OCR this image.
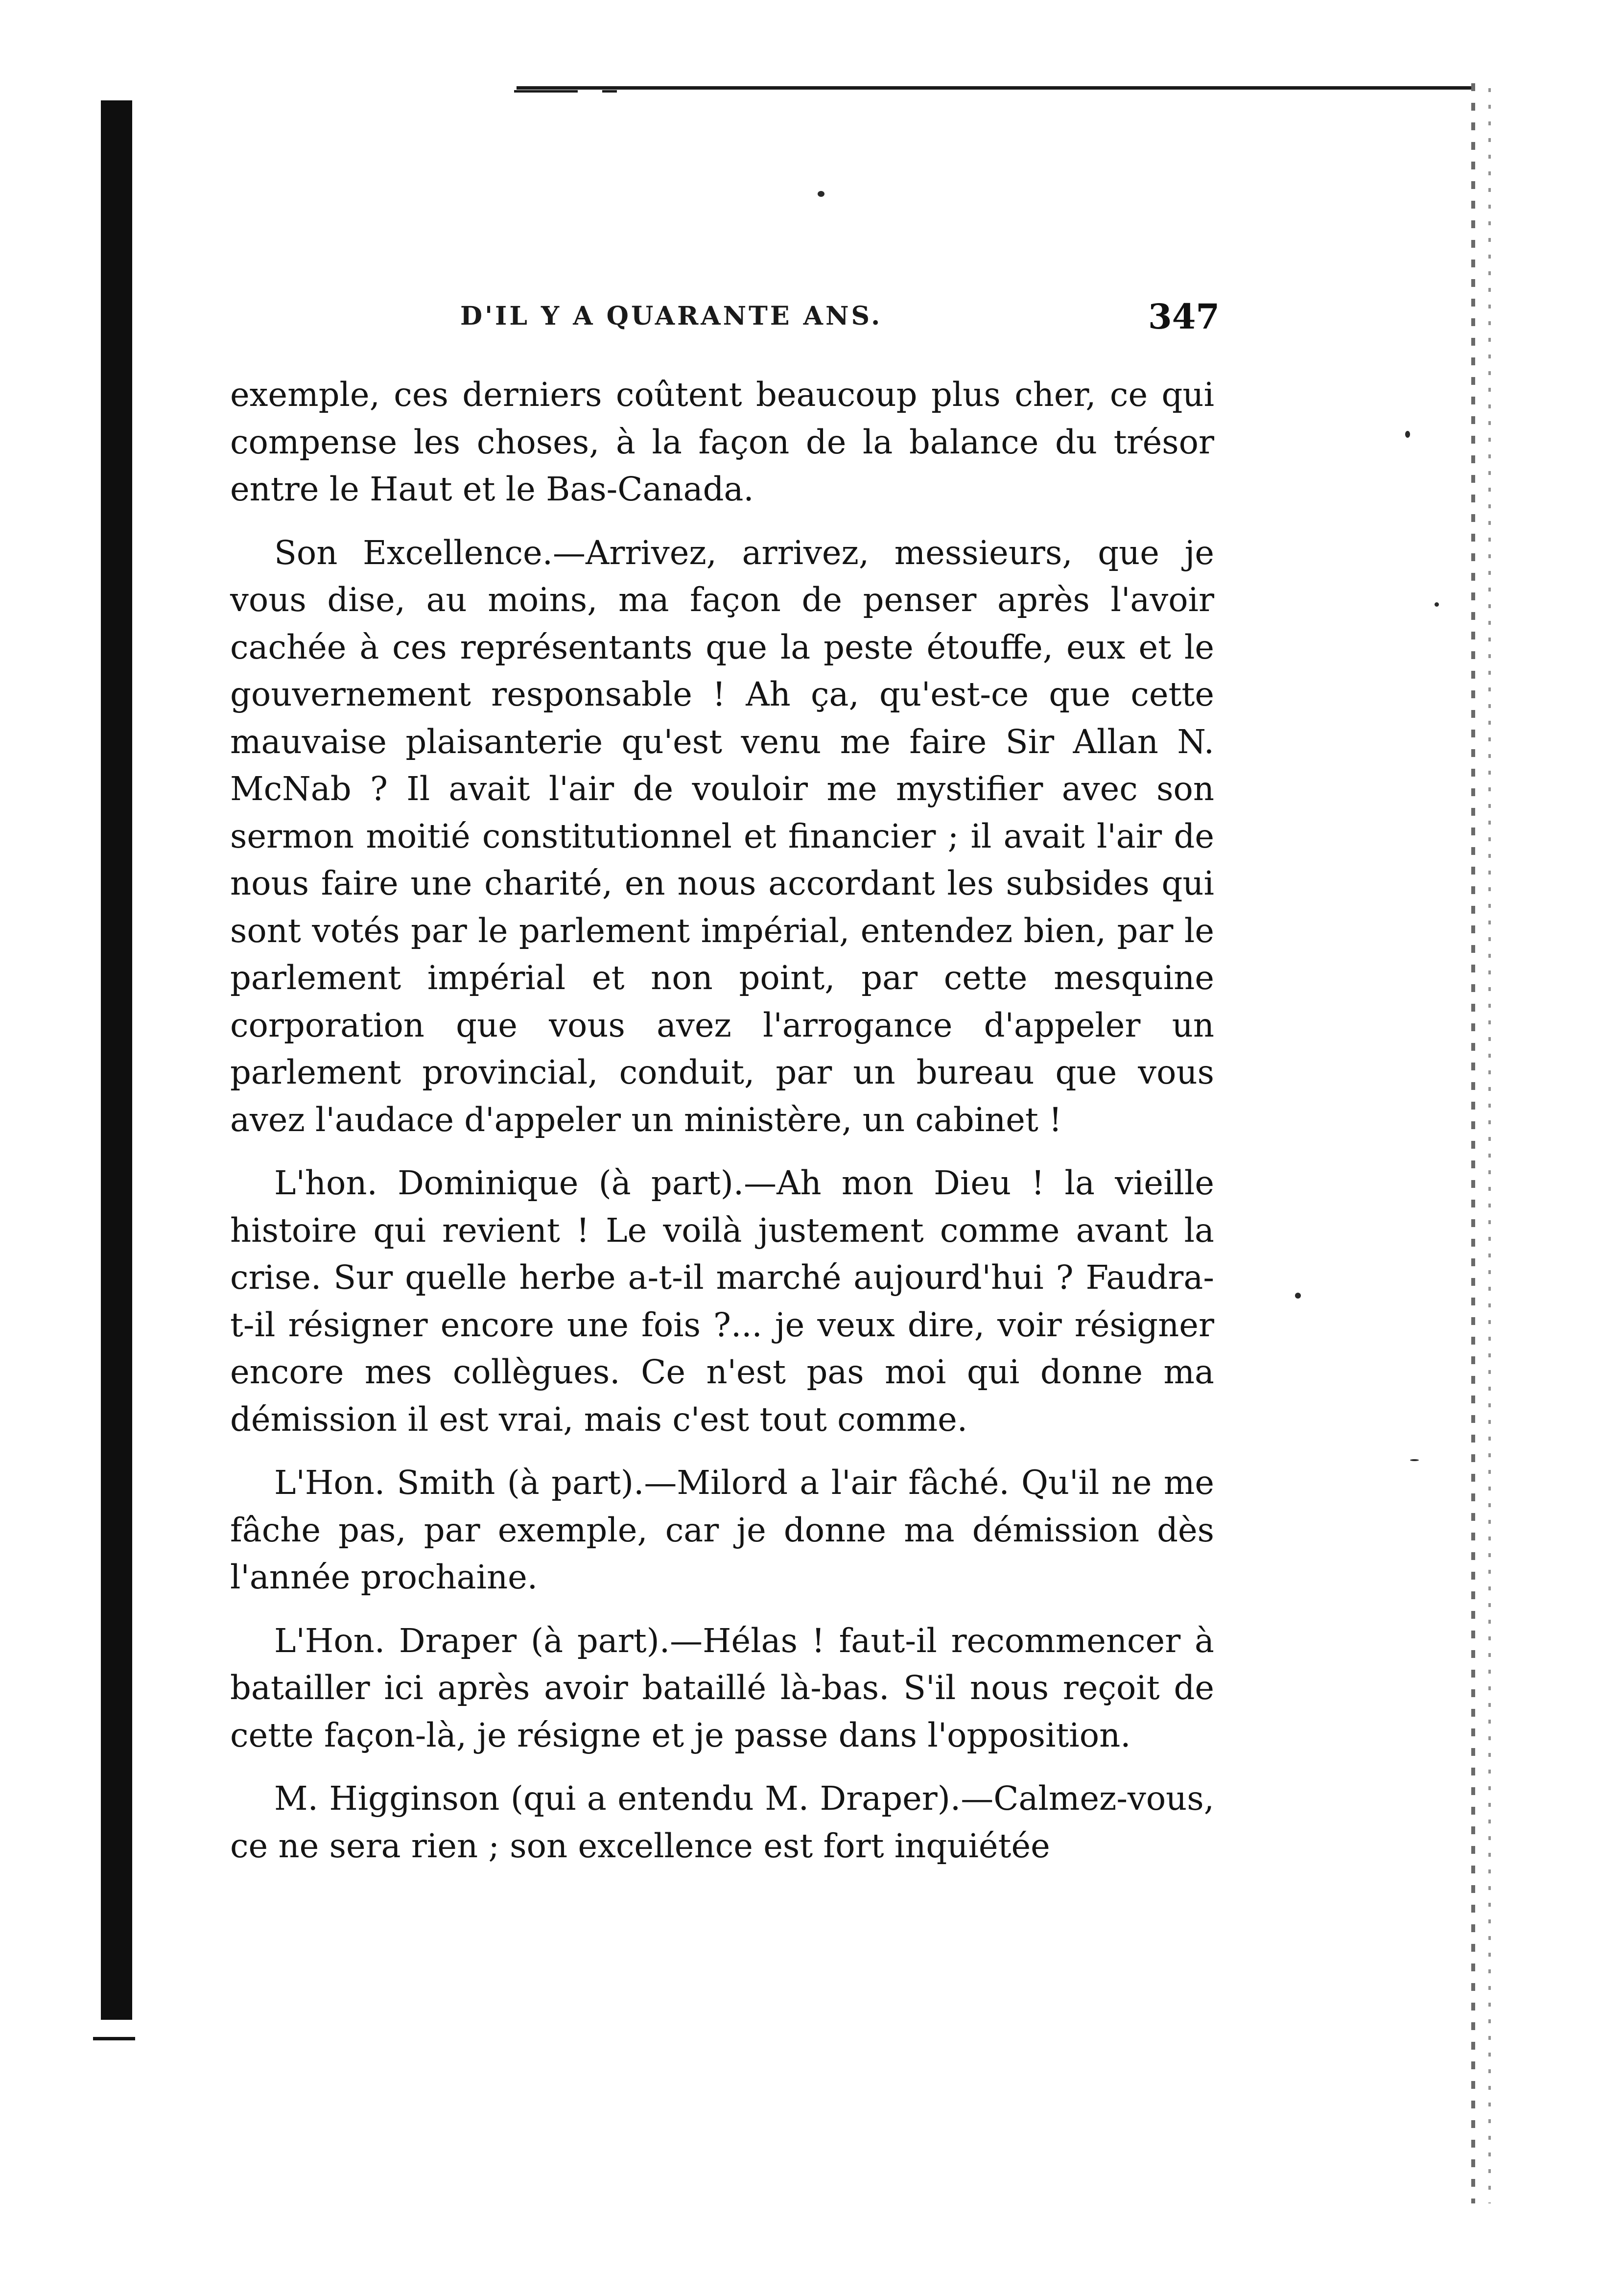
D'IL Y A QUARANTE ANS.	347

exemple, ces derniers coûtent beaucoup plus cher, ce qui compense les choses, à la façon de la balance du trésor entre le Haut et le Bas-Canada.

Son Excellence.—Arrivez, arrivez, messieurs, que je vous dise, au moins, ma façon de penser après l'avoir cachée à ces représentants que la peste étouffe, eux et le gouvernement responsable ! Ah ça, qu'est-ce que cette mauvaise plaisanterie qu'est venu me faire Sir Allan N. McNab ? Il avait l'air de vouloir me mystifier avec son sermon moitié constitutionnel et financier ; il avait l'air de nous faire une charité, en nous accordant les subsides qui sont votés par le parlement impérial, entendez bien, par le parlement impérial et non point, par cette mesquine corporation que vous avez l'arrogance d'appeler un parlement provincial, conduit, par un bureau que vous avez l'audace d'appeler un ministère, un cabinet !

L'hon. Dominique (à part).—Ah mon Dieu ! la vieille histoire qui revient ! Le voilà justement comme avant la crise. Sur quelle herbe a-t-il marché aujourd'hui ? Faudra-t-il résigner encore une fois ?... je veux dire, voir résigner encore mes collègues. Ce n'est pas moi qui donne ma démission il est vrai, mais c'est tout comme.

L'Hon. Smith (à part).—Milord a l'air fâché. Qu'il ne me fâche pas, par exemple, car je donne ma démission dès l'année prochaine.

L'Hon. Draper (à part).—Hélas ! faut-il recommencer à batailler ici après avoir bataillé là-bas. S'il nous reçoit de cette façon-là, je résigne et je passe dans l'opposition.

M. Higginson (qui a entendu M. Draper).—Calmez-vous, ce ne sera rien ; son excellence est fort inquiétée
